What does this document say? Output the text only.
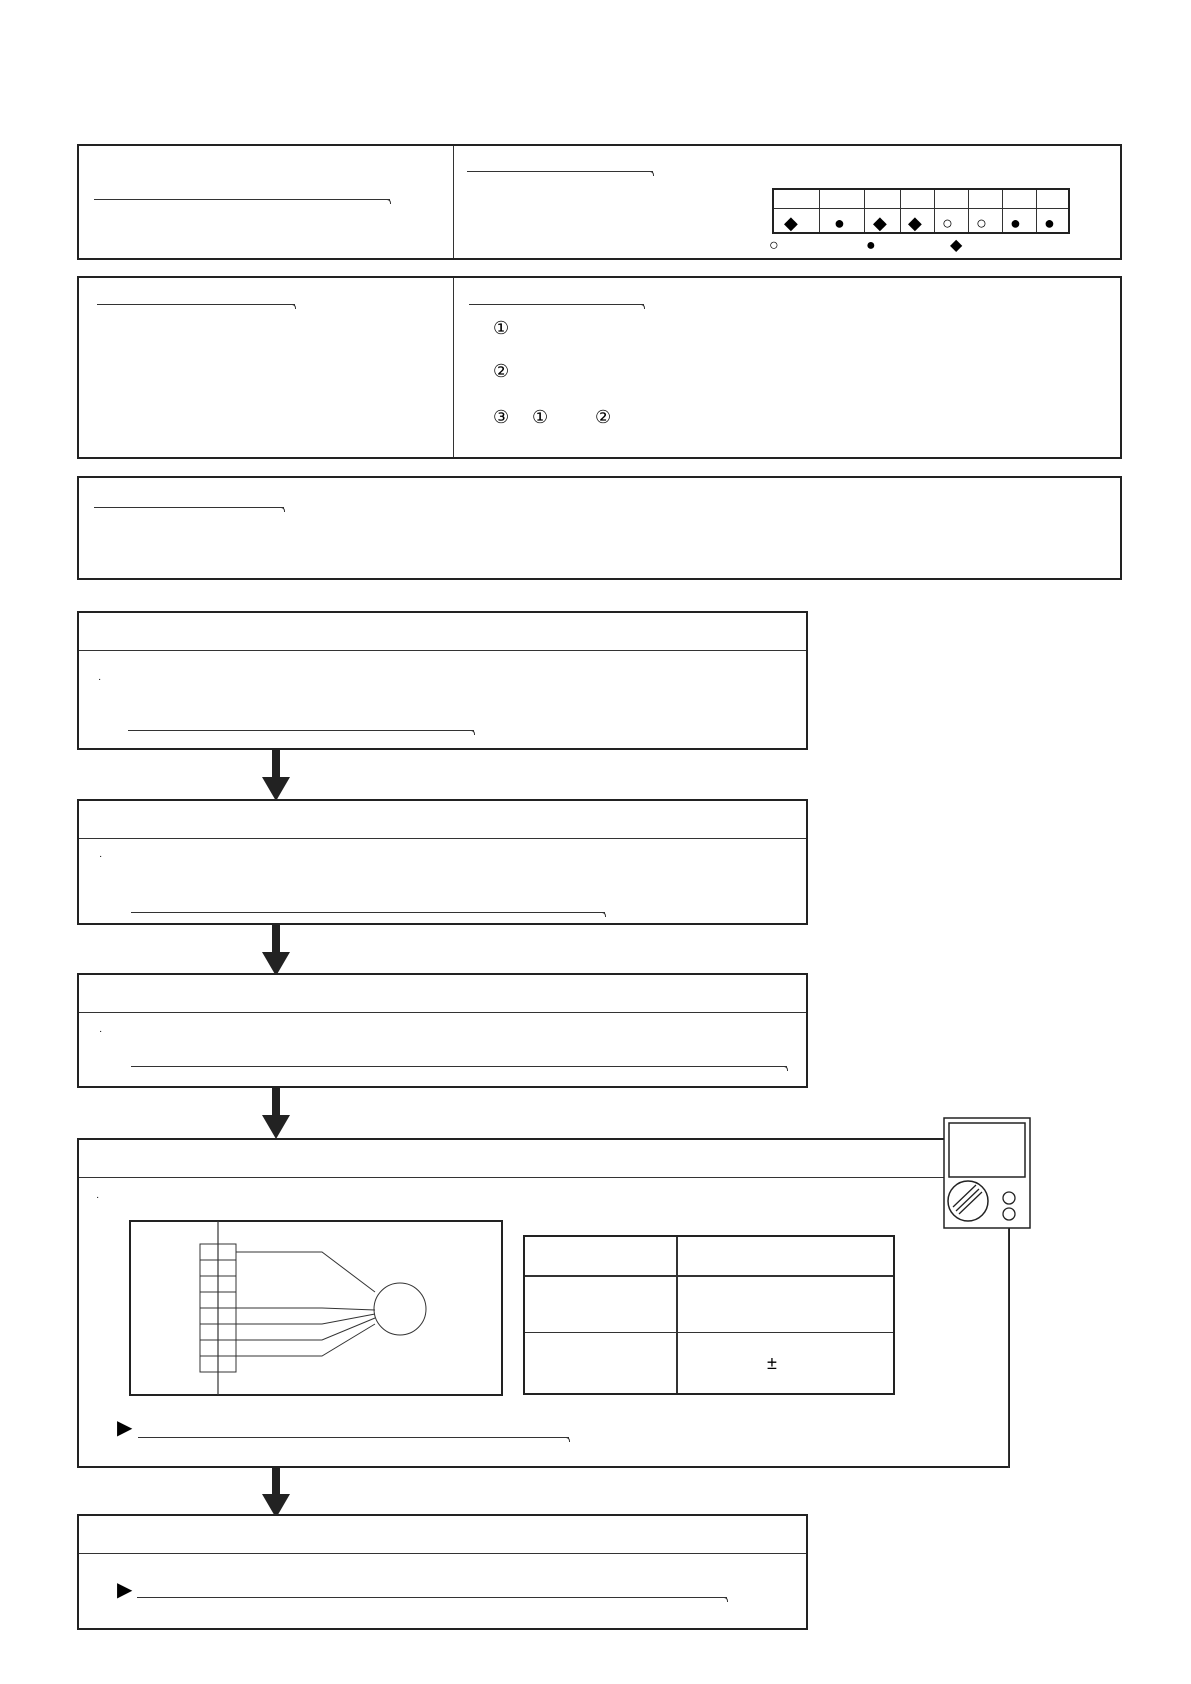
◆ ● ◆ ◆ ○ ○ ● ●
○	●	◆
①
②
③ ①	②
·
·
·
·
±
▶
▶
